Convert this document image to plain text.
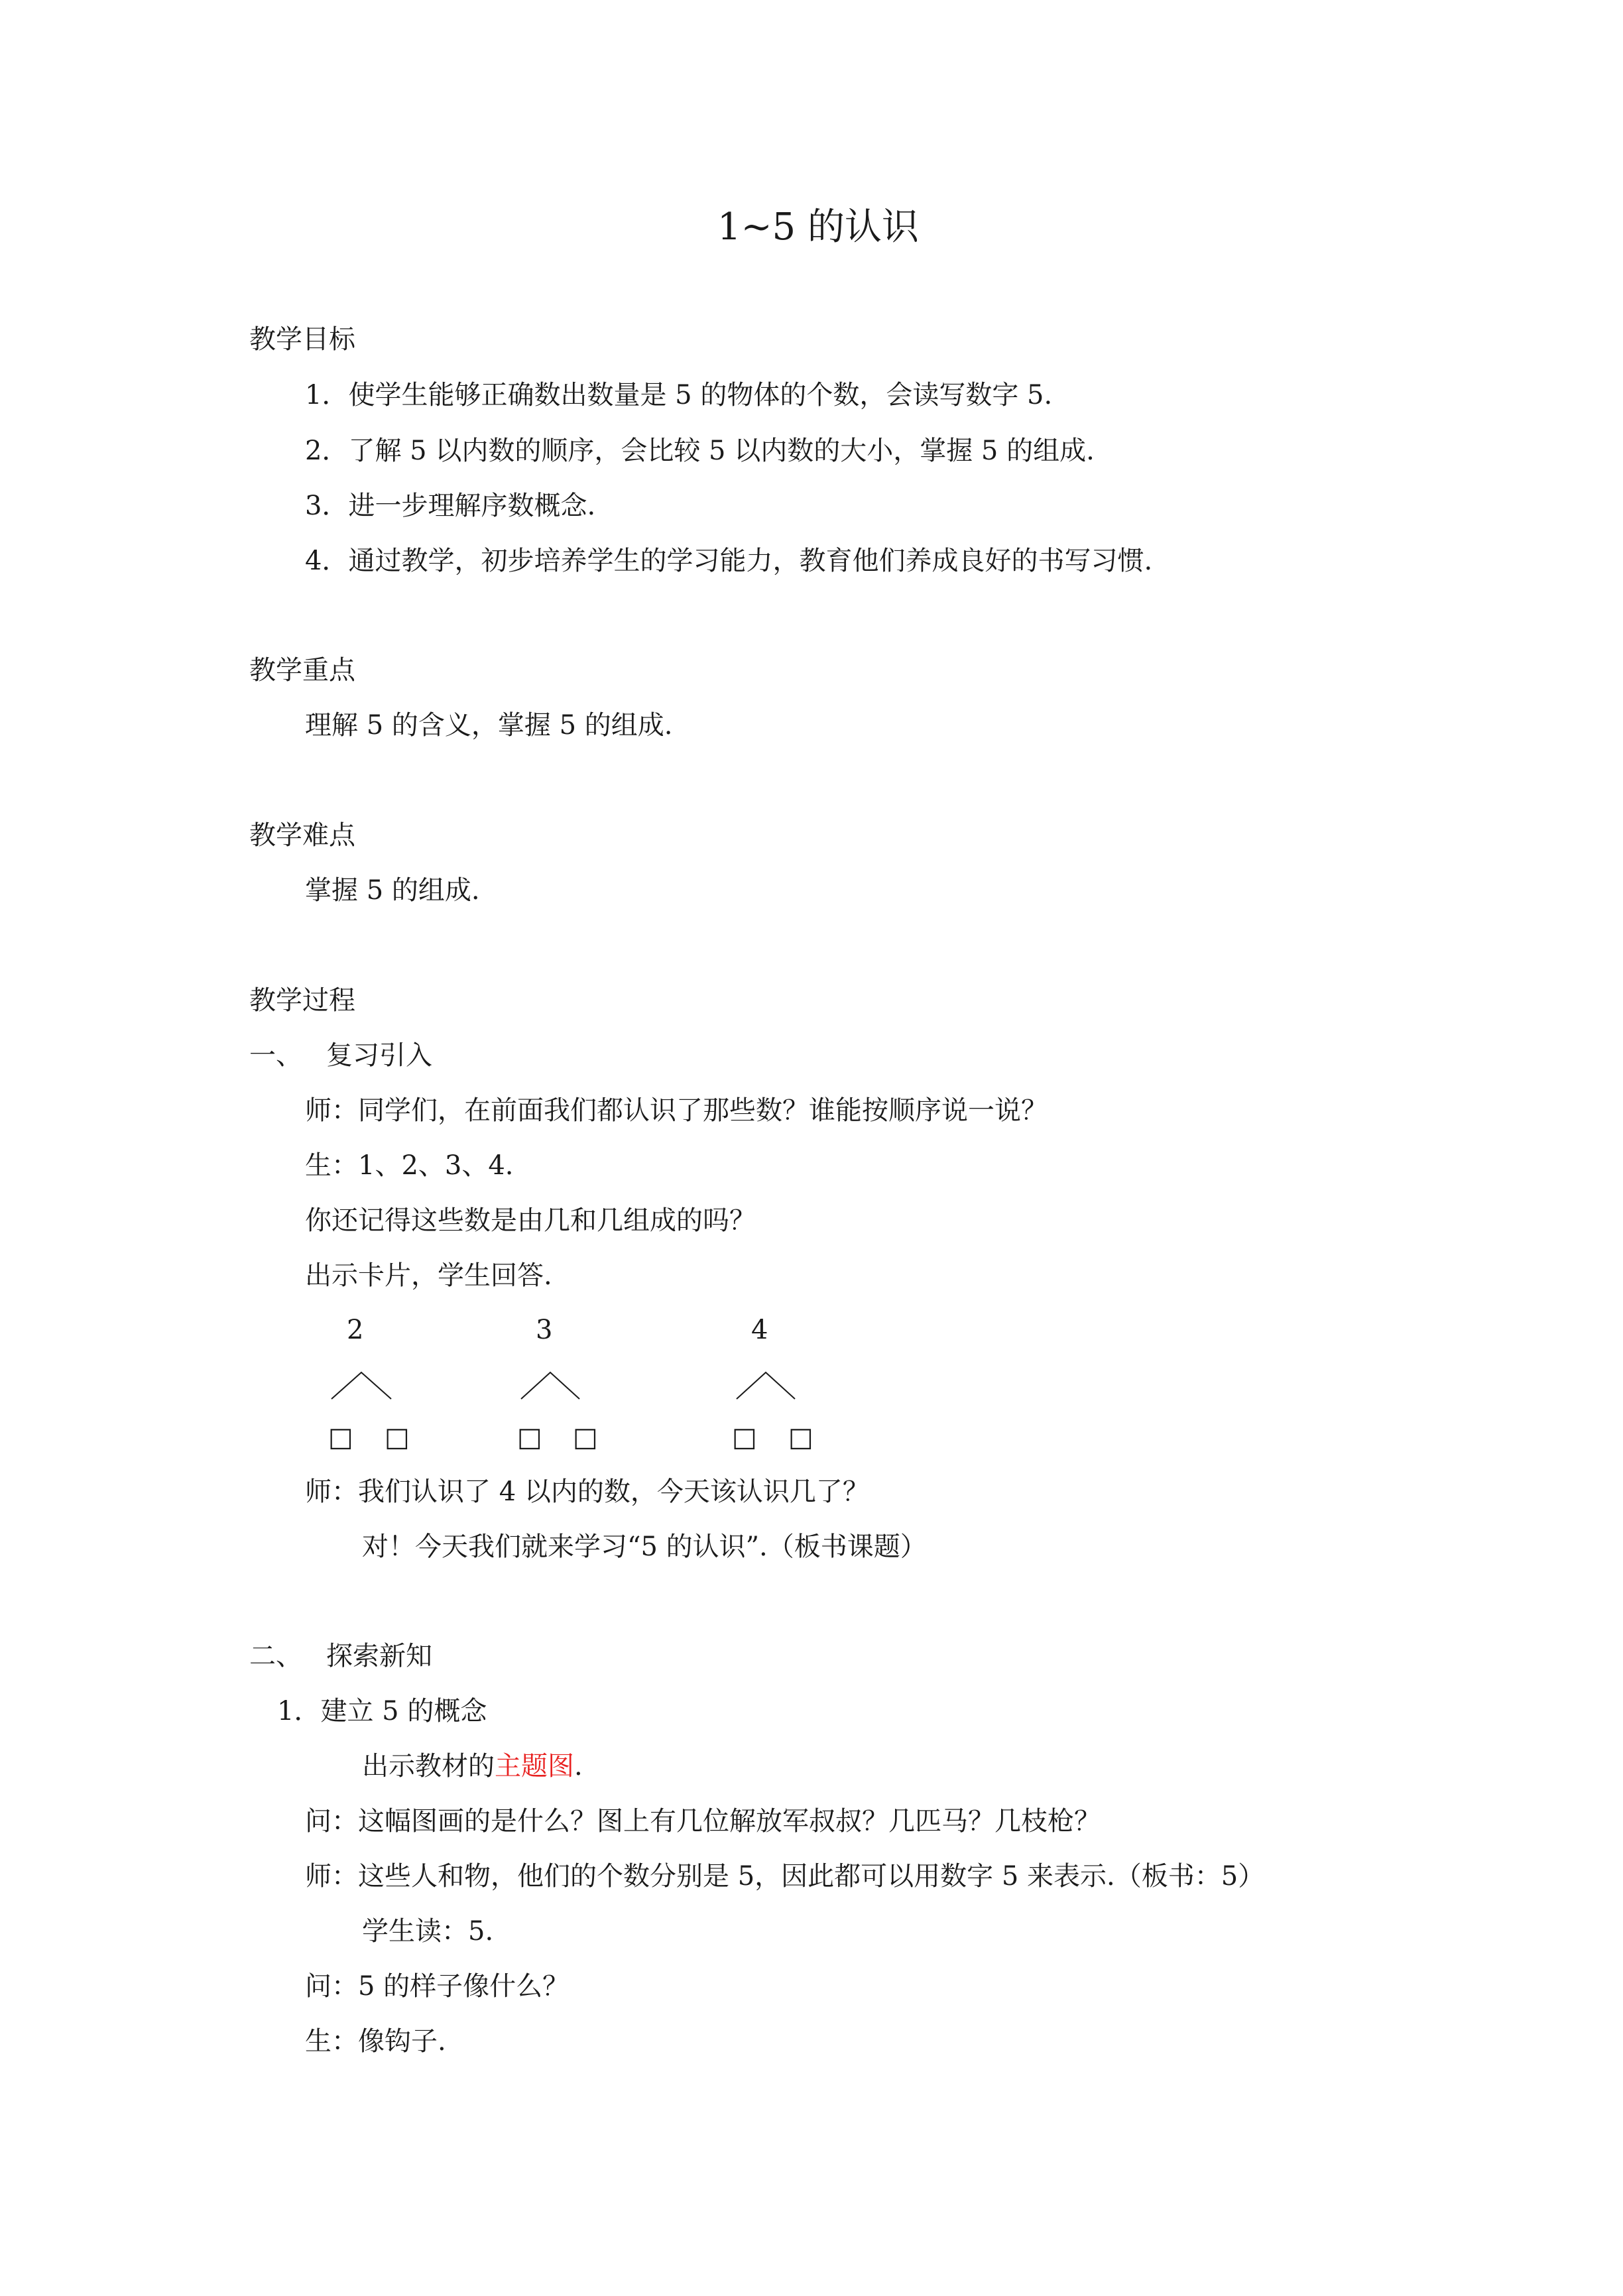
1~5 的认识
教学目标
1．使学生能够正确数出数量是 5 的物体的个数，会读写数字 5.
2．了解 5 以内数的顺序，会比较 5 以内数的大小，掌握 5 的组成.
3．进一步理解序数概念.
4．通过教学，初步培养学生的学习能力，教育他们养成良好的书写习惯.
教学重点
理解 5 的含义，掌握 5 的组成.
教学难点
掌握 5 的组成.
教学过程
一、 复习引入
师：同学们，在前面我们都认识了那些数？谁能按顺序说一说？
生：1、2、3、4.
你还记得这些数是由几和几组成的吗？
出示卡片，学生回答.
2	3	4
□ □	□ □	□ □
师：我们认识了 4 以内的数，今天该认识几了？
对！今天我们就来学习“5 的认识”.（板书课题）
二、 探索新知
1．建立 5 的概念
出示教材的主题图.
问：这幅图画的是什么？图上有几位解放军叔叔？几匹马？几枝枪？
师：这些人和物，他们的个数分别是 5，因此都可以用数字 5 来表示.（板书：5）
学生读：5.
问：5 的样子像什么？
生：像钩子.
